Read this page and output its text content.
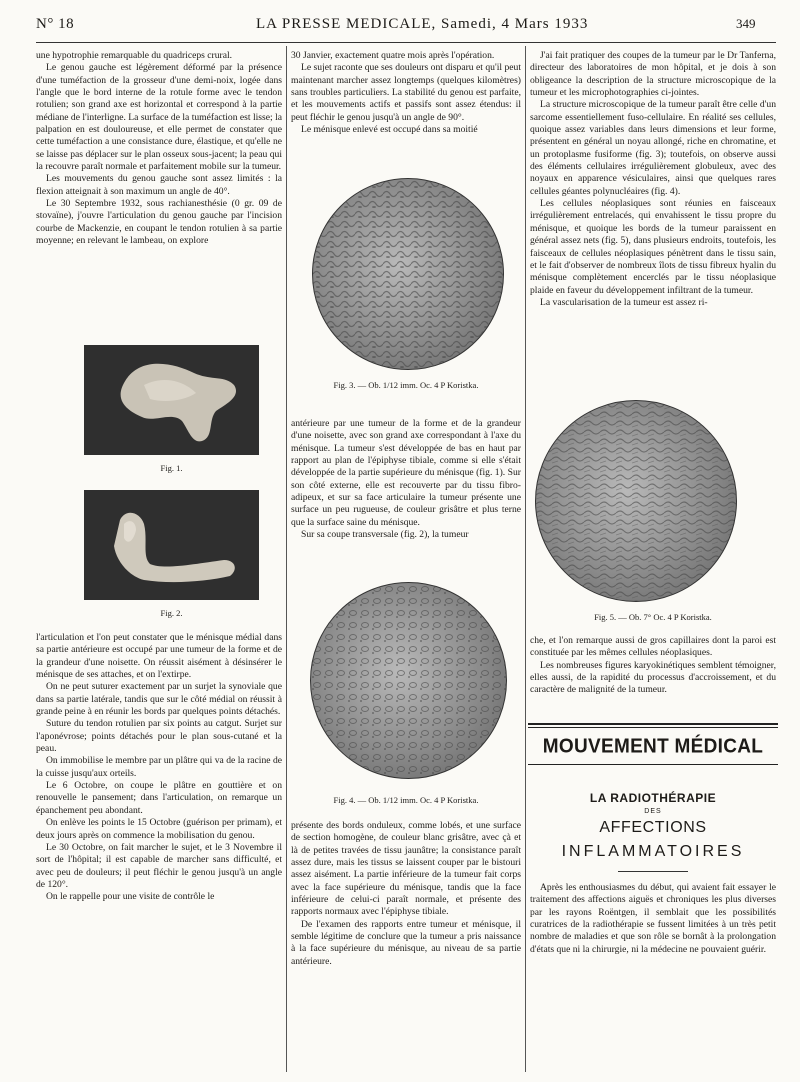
N° 18	LA PRESSE MEDICALE, Samedi, 4 Mars 1933	349

une hypotrophie remarquable du quadriceps crural.

Le genou gauche est légèrement déformé par la présence d'une tuméfaction de la grosseur d'une demi-noix, logée dans l'angle que le bord interne de la rotule forme avec le tendon rotulien; son grand axe est horizontal et correspond à la partie médiane de l'interligne. La surface de la tuméfaction est lisse; la palpation en est douloureuse, et elle permet de constater que cette tuméfaction a une consistance dure, élastique, et qu'elle ne se laisse pas déplacer sur le plan osseux sous-jacent; la peau qui la recouvre paraît normale et parfaitement mobile sur la tumeur.

Les mouvements du genou gauche sont assez limités : la flexion atteignait à son maximum un angle de 40°.

Le 30 Septembre 1932, sous rachianesthésie (0 gr. 09 de stovaïne), j'ouvre l'articulation du genou gauche par l'incision courbe de Mackenzie, en coupant le tendon rotulien à sa partie moyenne; en relevant le lambeau, on explore

Fig. 1.
Fig. 2.

l'articulation et l'on peut constater que le ménisque médial dans sa partie antérieure est occupé par une tumeur de la forme et de la grandeur d'une noisette. On réussit aisément à désinsérer le ménisque de ses attaches, et on l'extirpe.

On ne peut suturer exactement par un surjet la synoviale que dans sa partie latérale, tandis que sur le côté médial on réussit à grande peine à en réunir les bords par quelques points détachés.

Suture du tendon rotulien par six points au catgut. Surjet sur l'aponévrose; points détachés pour le plan sous-cutané et la peau.

On immobilise le membre par un plâtre qui va de la racine de la cuisse jusqu'aux orteils.

Le 6 Octobre, on coupe le plâtre en gouttière et on renouvelle le pansement; dans l'articulation, on remarque un épanchement peu abondant.

On enlève les points le 15 Octobre (guérison per primam), et deux jours après on commence la mobilisation du genou.

Le 30 Octobre, on fait marcher le sujet, et le 3 Novembre il sort de l'hôpital; il est capable de marcher sans difficulté, et avec peu de douleurs; il peut fléchir le genou jusqu'à un angle de 120°.

On le rappelle pour une visite de contrôle le

30 Janvier, exactement quatre mois après l'opération.

Le sujet raconte que ses douleurs ont disparu et qu'il peut maintenant marcher assez longtemps (quelques kilomètres) sans troubles particuliers. La stabilité du genou est parfaite, et les mouvements actifs et passifs sont assez étendus: il peut fléchir le genou jusqu'à un angle de 90°.

Le ménisque enlevé est occupé dans sa moitié

Fig. 3. — Ob. 1/12 imm. Oc. 4 P Koristka.

antérieure par une tumeur de la forme et de la grandeur d'une noisette, avec son grand axe correspondant à l'axe du ménisque. La tumeur s'est développée de bas en haut par rapport au plan de l'épiphyse tibiale, comme si elle s'était développée de la partie supérieure du ménisque (fig. 1). Sur son côté externe, elle est recouverte par du tissu fibro-adipeux, et sur sa face articulaire la tumeur présente une surface un peu rugueuse, de couleur grisâtre et plus terne que la surface saine du ménisque.

Sur sa coupe transversale (fig. 2), la tumeur

Fig. 4. — Ob. 1/12 imm. Oc. 4 P Koristka.

présente des bords onduleux, comme lobés, et une surface de section homogène, de couleur blanc grisâtre, avec çà et là de petites travées de tissu jaunâtre; la consistance paraît assez dure, mais les tissus se laissent couper par le bistouri assez aisément. La partie inférieure de la tumeur fait corps avec la face supérieure du ménisque, tandis que la face inférieure de celui-ci paraît normale, et présente des rapports normaux avec l'épiphyse tibiale.

De l'examen des rapports entre tumeur et ménisque, il semble légitime de conclure que la tumeur a pris naissance à la face supérieure du ménisque, au niveau de sa partie antérieure.

J'ai fait pratiquer des coupes de la tumeur par le Dr Tanferna, directeur des laboratoires de mon hôpital, et je dois à son obligeance la description de la structure microscopique de la tumeur et les microphotographies ci-jointes.

La structure microscopique de la tumeur paraît être celle d'un sarcome essentiellement fuso-cellulaire. En réalité ses cellules, quoique assez variables dans leurs dimensions et leur forme, présentent en général un noyau allongé, riche en chromatine, et un protoplasme fusiforme (fig. 3); toutefois, on observe aussi des éléments cellulaires irrégulièrement globuleux, avec des noyaux en apparence vésiculaires, ainsi que quelques rares cellules géantes polynucléaires (fig. 4).

Les cellules néoplasiques sont réunies en faisceaux irrégulièrement entrelacés, qui envahissent le tissu propre du ménisque, et quoique les bords de la tumeur paraissent en général assez nets (fig. 5), dans plusieurs endroits, toutefois, les faisceaux de cellules néoplasiques pénètrent dans le tissu sain, et le fait d'observer de nombreux îlots de tissu fibreux hyalin du ménisque complètement encerclés par le tissu néoplasique plaide en faveur du développement infiltrant de la tumeur.

La vascularisation de la tumeur est assez ri-

Fig. 5. — Ob. 7° Oc. 4 P Koristka.

che, et l'on remarque aussi de gros capillaires dont la paroi est constituée par les mêmes cellules néoplasiques.

Les nombreuses figures karyokinétiques semblent témoigner, elles aussi, de la rapidité du processus d'accroissement, et du caractère de malignité de la tumeur.

MOUVEMENT MÉDICAL
LA RADIOTHÉRAPIE
DES
AFFECTIONS
INFLAMMATOIRES

Après les enthousiasmes du début, qui avaient fait essayer le traitement des affections aiguës et chroniques les plus diverses par les rayons Roëntgen, il semblait que les possibilités curatrices de la radiothérapie se fussent limitées à un très petit nombre de maladies et que son rôle se bornât à la prolongation d'états que ni la chirurgie, ni la médecine ne pouvaient guérir.
